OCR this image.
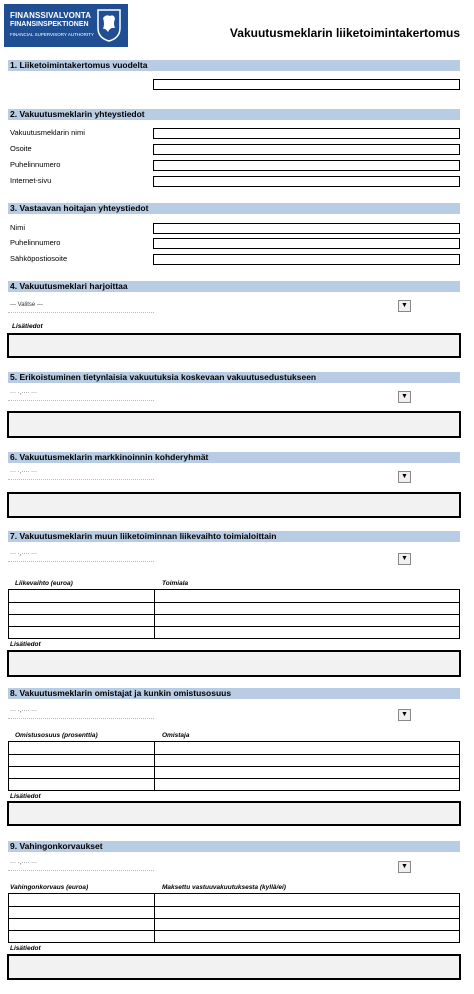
FINANSSIVALVONTA
FINANSINSPEKTIONEN
FINANCIAL SUPERVISORY AUTHORITY	Vakuutusmeklarin liiketoimintakertomus
1. Liiketoimintakertomus vuodelta
2. Vakuutusmeklarin yhteystiedot
Vakuutusmeklarin nimi
Osoite
Puhelinnumero
Internet-sivu
3. Vastaavan hoitajan yhteystiedot
Nimi
Puhelinnumero
Sähköpostiosoite
4. Vakuutusmeklari harjoittaa
--- Valitse ---	▼
Lisätiedot
5. Erikoistuminen tietynlaisia vakuutuksia koskevaan vakuutusedustukseen
··· ·,···· ···	▼
6. Vakuutusmeklarin markkinoinnin kohderyhmät
··· ·,···· ···
▼
7. Vakuutusmeklarin muun liiketoiminnan liikevaihto toimialoittain
··· ·,···· ···
▼
Liikevaihto (euroa)	Toimiala
Lisätiedot
8. Vakuutusmeklarin omistajat ja kunkin omistusosuus
··· ·,···· ···	▼
Omistusosuus (prosenttia)	Omistaja
Lisätiedot
9. Vahingonkorvaukset
··· ·,···· ···	▼
Vahingonkorvaus (euroa)	Maksettu vastuuvakuutuksesta (kyllä/ei)
Lisätiedot
